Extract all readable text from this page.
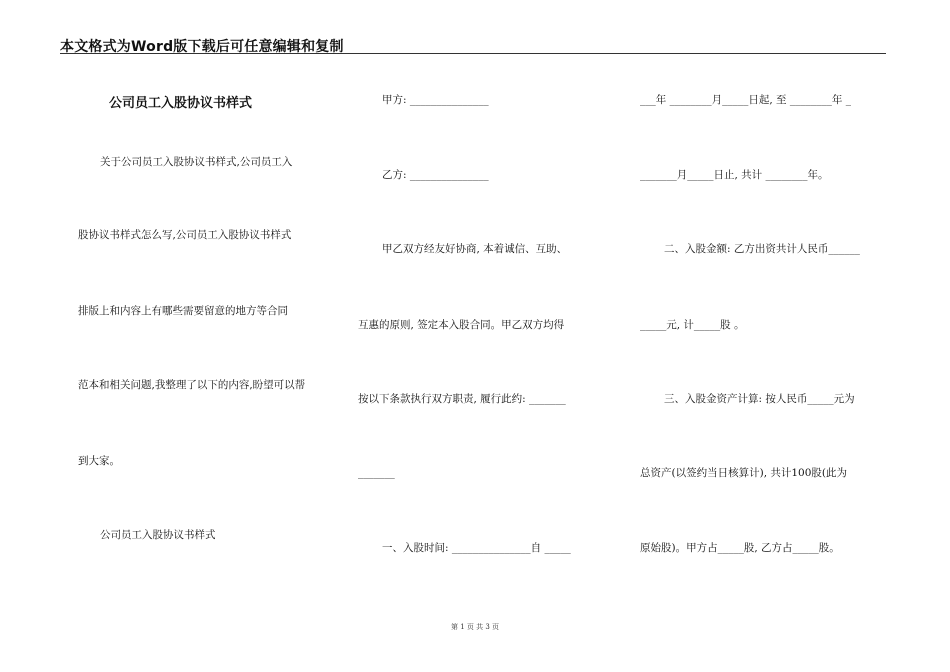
本文格式为Word版下载后可任意编辑和复制
公司员工入股协议书样式
关于公司员工入股协议书样式,公司员工入
股协议书样式怎么写,公司员工入股协议书样式
排版上和内容上有哪些需要留意的地方等合同
范本和相关问题,我整理了以下的内容,盼望可以帮
到大家。
公司员工入股协议书样式
甲方: _______________
乙方: _______________
甲乙双方经友好协商, 本着诚信、互助、
互惠的原则, 签定本入股合同。甲乙双方均得
按以下条款执行双方职责, 履行此约: _______
_______
一、入股时间: _______________自 _____
___年 ________月_____日起, 至 ________年 _
_______月_____日止, 共计 ________年。
二、入股金额: 乙方出资共计人民币______
_____元, 计_____股 。
三、入股金资产计算: 按人民币_____元为
总资产(以签约当日核算计), 共计100股(此为
原始股)。甲方占_____股, 乙方占_____股。
第 1 页 共 3 页
